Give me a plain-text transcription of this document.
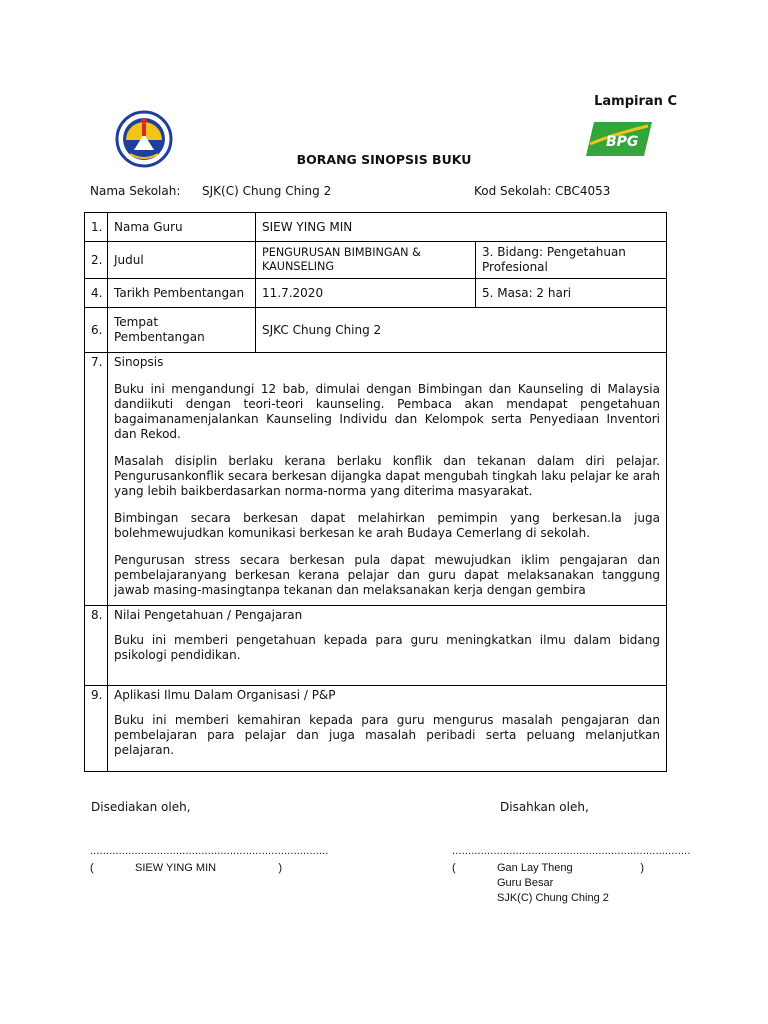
Lampiran C
BPG
BORANG SINOPSIS BUKU
Nama Sekolah: SJK(C) Chung Ching 2	Kod Sekolah: CBC4053
1.	Nama Guru	SIEW YING MIN	
2.	Judul	PENGURUSAN BIMBINGAN & KAUNSELING	3. Bidang: Pengetahuan Profesional
4.	Tarikh Pembentangan	11.7.2020	5. Masa: 2 hari
6.	Tempat Pembentangan	SJKC Chung Ching 2	
7.	Sinopsis

Buku ini mengandungi 12 bab, dimulai dengan Bimbingan dan Kaunseling di Malaysia dandiikuti dengan teori-teori kaunseling. Pembaca akan mendapat pengetahuan bagaimanamenjalankan Kaunseling Individu dan Kelompok serta Penyediaan Inventori dan Rekod.

Masalah disiplin berlaku kerana berlaku konflik dan tekanan dalam diri pelajar. Pengurusankonflik secara berkesan dijangka dapat mengubah tingkah laku pelajar ke arah yang lebih baikberdasarkan norma-norma yang diterima masyarakat.

Bimbingan secara berkesan dapat melahirkan pemimpin yang berkesan.la juga bolehmewujudkan komunikasi berkesan ke arah Budaya Cemerlang di sekolah.

Pengurusan stress secara berkesan pula dapat mewujudkan iklim pengajaran dan pembelajaranyang berkesan kerana pelajar dan guru dapat melaksanakan tanggung jawab masing-masingtanpa tekanan dan melaksanakan kerja dengan gembira		

8.	Nilai Pengetahuan / Pengajaran

Buku ini memberi pengetahuan kepada para guru meningkatkan ilmu dalam bidang psikologi pendidikan.		

9.	Aplikasi Ilmu Dalam Organisasi / P&P

Buku ini memberi kemahiran kepada para guru mengurus masalah pengajaran dan pembelajaran para pelajar dan juga masalah peribadi serta peluang melanjutkan pelajaran.		

Disediakan oleh,	Disahkan oleh,
...........................................................................	...........................................................................
(	SIEW YING MIN	)	(	Gan Lay Theng
Guru Besar
SJK(C) Chung Ching 2
)
